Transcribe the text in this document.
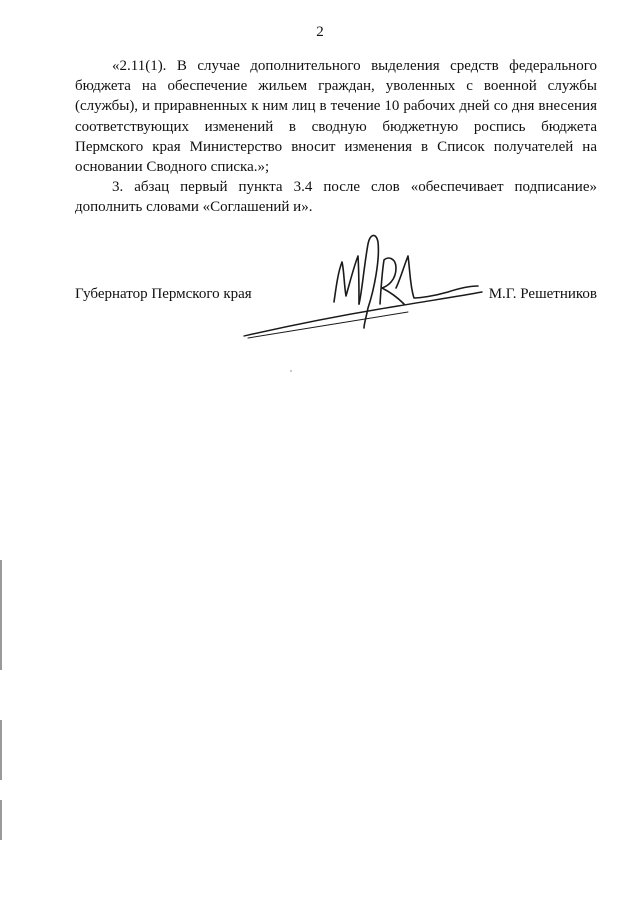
2

«2.11(1). В случае дополнительного выделения средств федерального бюджета на обеспечение жильем граждан, уволенных с военной службы (службы), и приравненных к ним лиц в течение 10 рабочих дней со дня внесения соответствующих изменений в сводную бюджетную роспись бюджета Пермского края Министерство вносит изменения в Список получателей на основании Сводного списка.»;

3. абзац первый пункта 3.4 после слов «обеспечивает подписание» дополнить словами «Соглашений и».

Губернатор Пермского края	М.Г. Решетников
